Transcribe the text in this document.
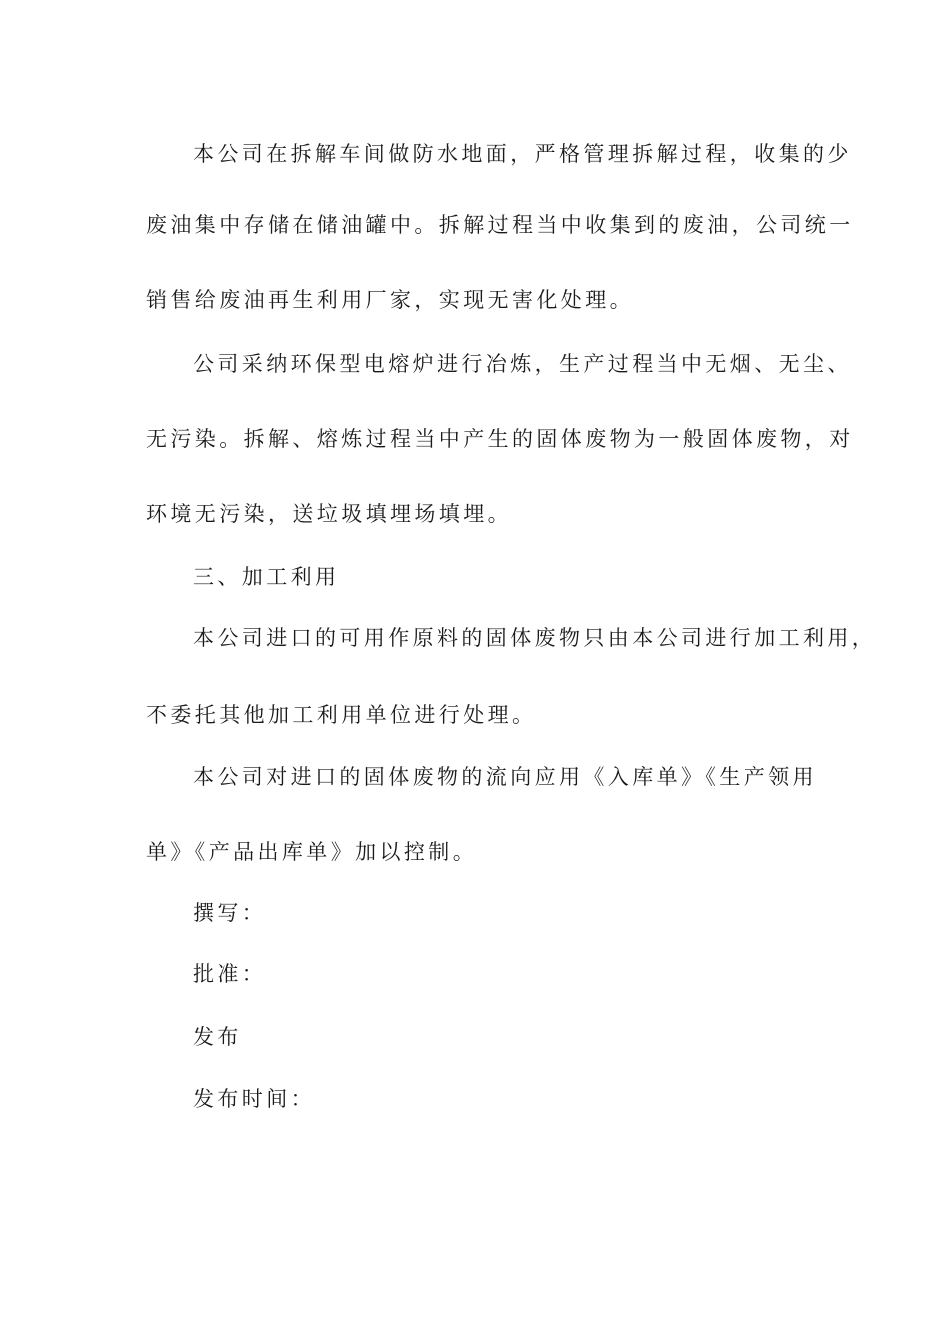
本公司在拆解车间做防水地面，严格管理拆解过程，收集的少
废油集中存储在储油罐中。拆解过程当中收集到的废油，公司统一
销售给废油再生利用厂家，实现无害化处理。
公司采纳环保型电熔炉进行冶炼，生产过程当中无烟、无尘、
无污染。拆解、熔炼过程当中产生的固体废物为一般固体废物，对
环境无污染，送垃圾填埋场填埋。
三、加工利用
本公司进口的可用作原料的固体废物只由本公司进行加工利用，
不委托其他加工利用单位进行处理。
本公司对进口的固体废物的流向应用《入库单》《生产领用
单》《产品出库单》加以控制。
撰写：
批准：
发布
发布时间：
